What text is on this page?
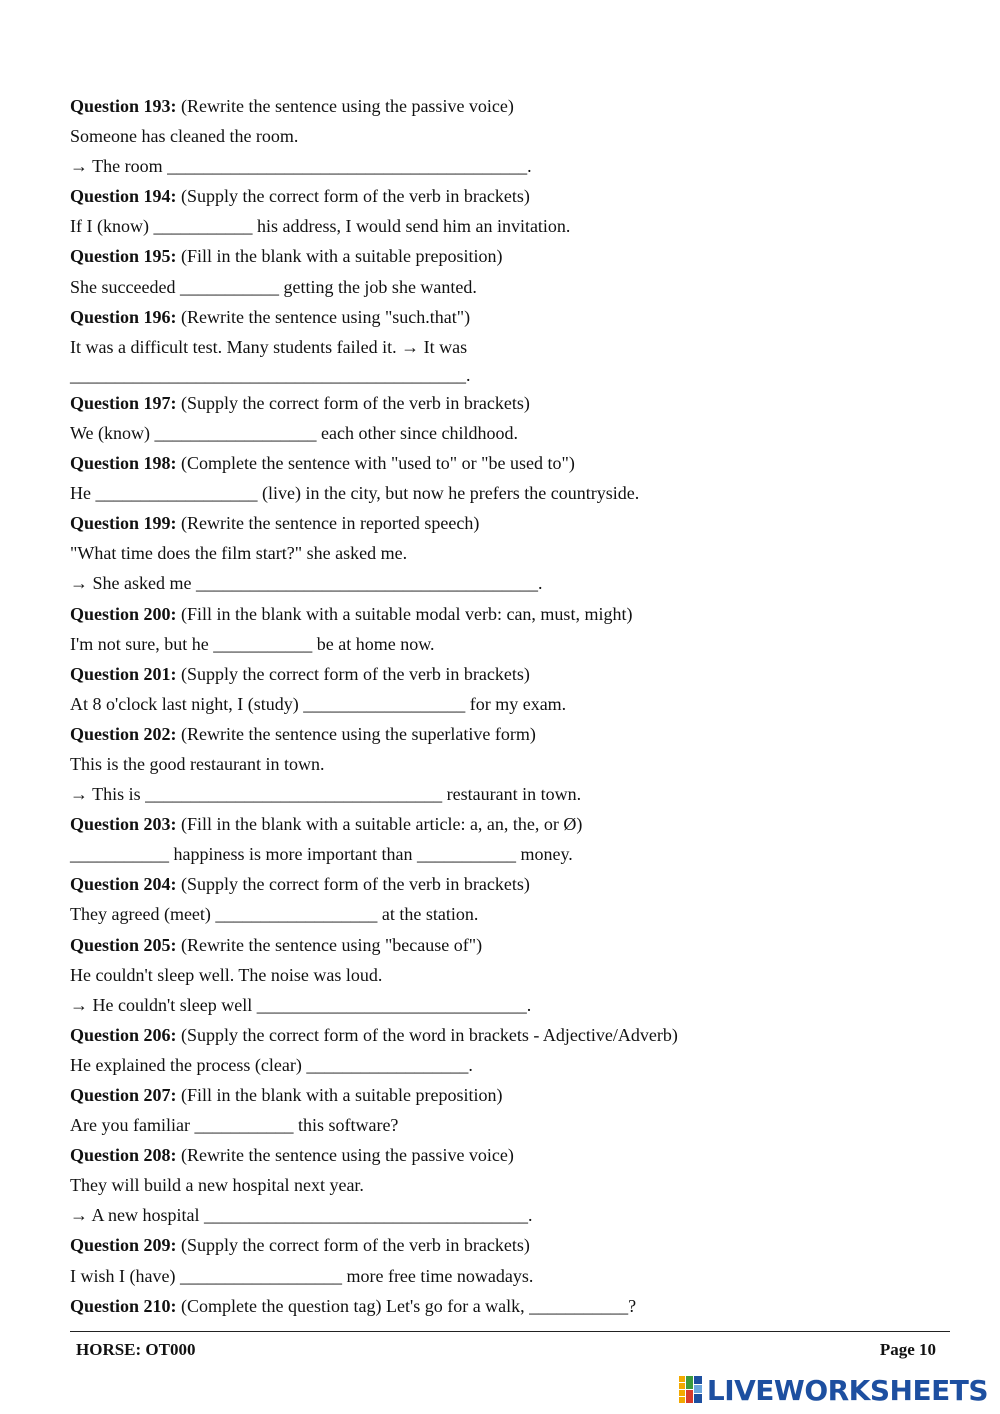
Question 193: (Rewrite the sentence using the passive voice)
Someone has cleaned the room.
→ The room ________________________________________.
Question 194: (Supply the correct form of the verb in brackets)
If I (know) ___________ his address, I would send him an invitation.
Question 195: (Fill in the blank with a suitable preposition)
She succeeded ___________ getting the job she wanted.
Question 196: (Rewrite the sentence using "such.that")
It was a difficult test. Many students failed it. → It was
____________________________________________.
Question 197: (Supply the correct form of the verb in brackets)
We (know) __________________ each other since childhood.
Question 198: (Complete the sentence with "used to" or "be used to")
He __________________ (live) in the city, but now he prefers the countryside.
Question 199: (Rewrite the sentence in reported speech)
"What time does the film start?" she asked me.
→ She asked me ______________________________________.
Question 200: (Fill in the blank with a suitable modal verb: can, must, might)
I'm not sure, but he ___________ be at home now.
Question 201: (Supply the correct form of the verb in brackets)
At 8 o'clock last night, I (study) __________________ for my exam.
Question 202: (Rewrite the sentence using the superlative form)
This is the good restaurant in town.
→ This is _________________________________ restaurant in town.
Question 203: (Fill in the blank with a suitable article: a, an, the, or Ø)
___________ happiness is more important than ___________ money.
Question 204: (Supply the correct form of the verb in brackets)
They agreed (meet) __________________ at the station.
Question 205: (Rewrite the sentence using "because of")
He couldn't sleep well. The noise was loud.
→ He couldn't sleep well ______________________________.
Question 206: (Supply the correct form of the word in brackets - Adjective/Adverb)
He explained the process (clear) __________________.
Question 207: (Fill in the blank with a suitable preposition)
Are you familiar ___________ this software?
Question 208: (Rewrite the sentence using the passive voice)
They will build a new hospital next year.
→ A new hospital ____________________________________.
Question 209: (Supply the correct form of the verb in brackets)
I wish I (have) __________________ more free time nowadays.
Question 210: (Complete the question tag) Let's go for a walk, ___________?
HORSE: OT000	Page 10
LIVEWORKSHEETS
